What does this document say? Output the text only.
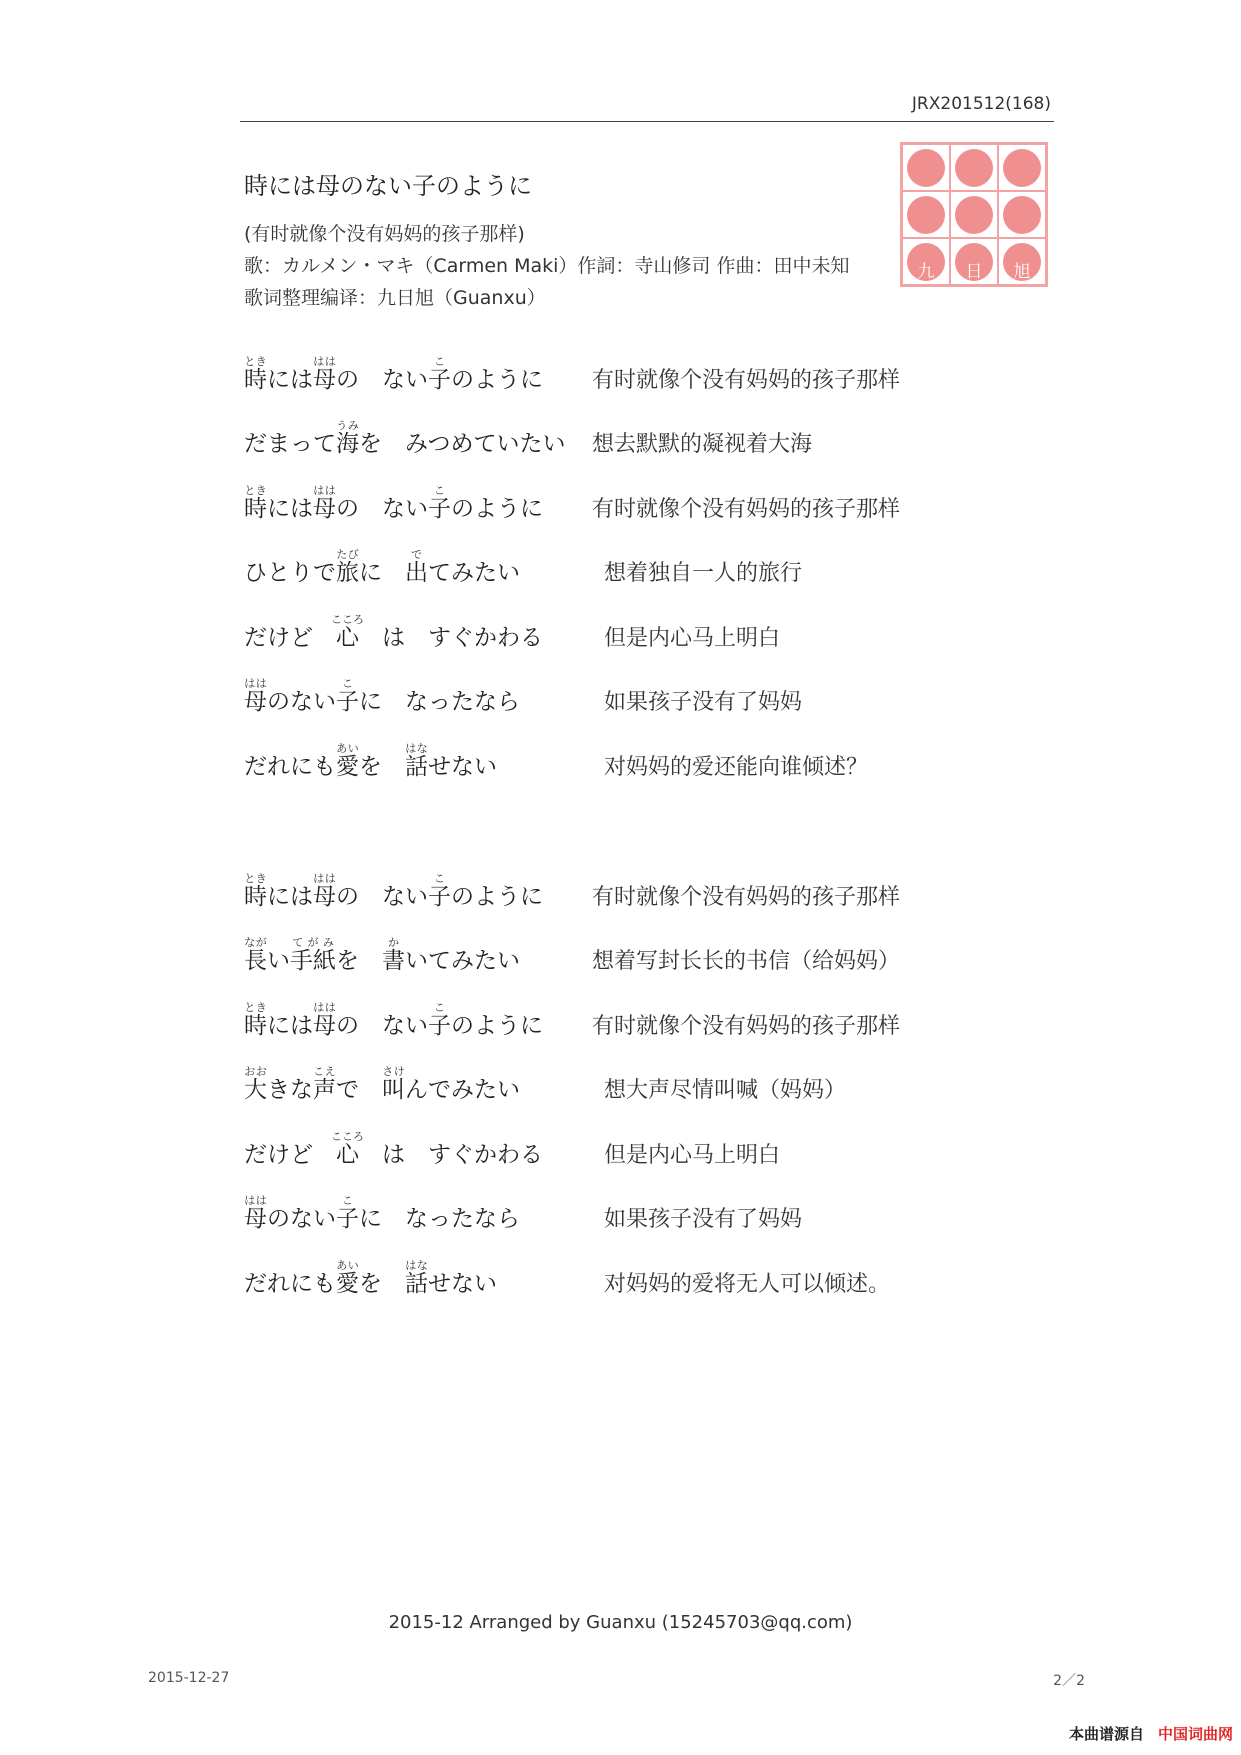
JRX201512(168)
九	日	旭
時には母のない子のように
(有时就像个没有妈妈的孩子那样)
歌：カルメン・マキ（Carmen Maki）作詞：寺山修司 作曲：田中未知
歌词整理编译：九日旭（Guanxu）
時ときには母ははの　ない子このように 有时就像个没有妈妈的孩子那样
だまって海うみを　みつめていたい 想去默默的凝视着大海
時ときには母ははの　ない子このように 有时就像个没有妈妈的孩子那样
ひとりで旅たびに　出でてみたい	想着独自一人的旅行
だけど　心こころ　は　すぐかわる	但是内心马上明白
母ははのない子こに　なったなら	如果孩子没有了妈妈
だれにも愛あいを　話はなせない	对妈妈的爱还能向谁倾述？
時ときには母ははの　ない子このように 有时就像个没有妈妈的孩子那样
長ながい手紙てがみを　書かいてみたい	想着写封长长的书信（给妈妈）
時ときには母ははの　ない子このように 有时就像个没有妈妈的孩子那样
大おおきな声こえで　叫さけんでみたい	想大声尽情叫喊（妈妈）
だけど　心こころ　は　すぐかわる	但是内心马上明白
母ははのない子こに　なったなら	如果孩子没有了妈妈
だれにも愛あいを　話はなせない	对妈妈的爱将无人可以倾述。
2015-12 Arranged by Guanxu (15245703@qq.com)
2015-12-27	2／2
本曲谱源自 中国词曲网
